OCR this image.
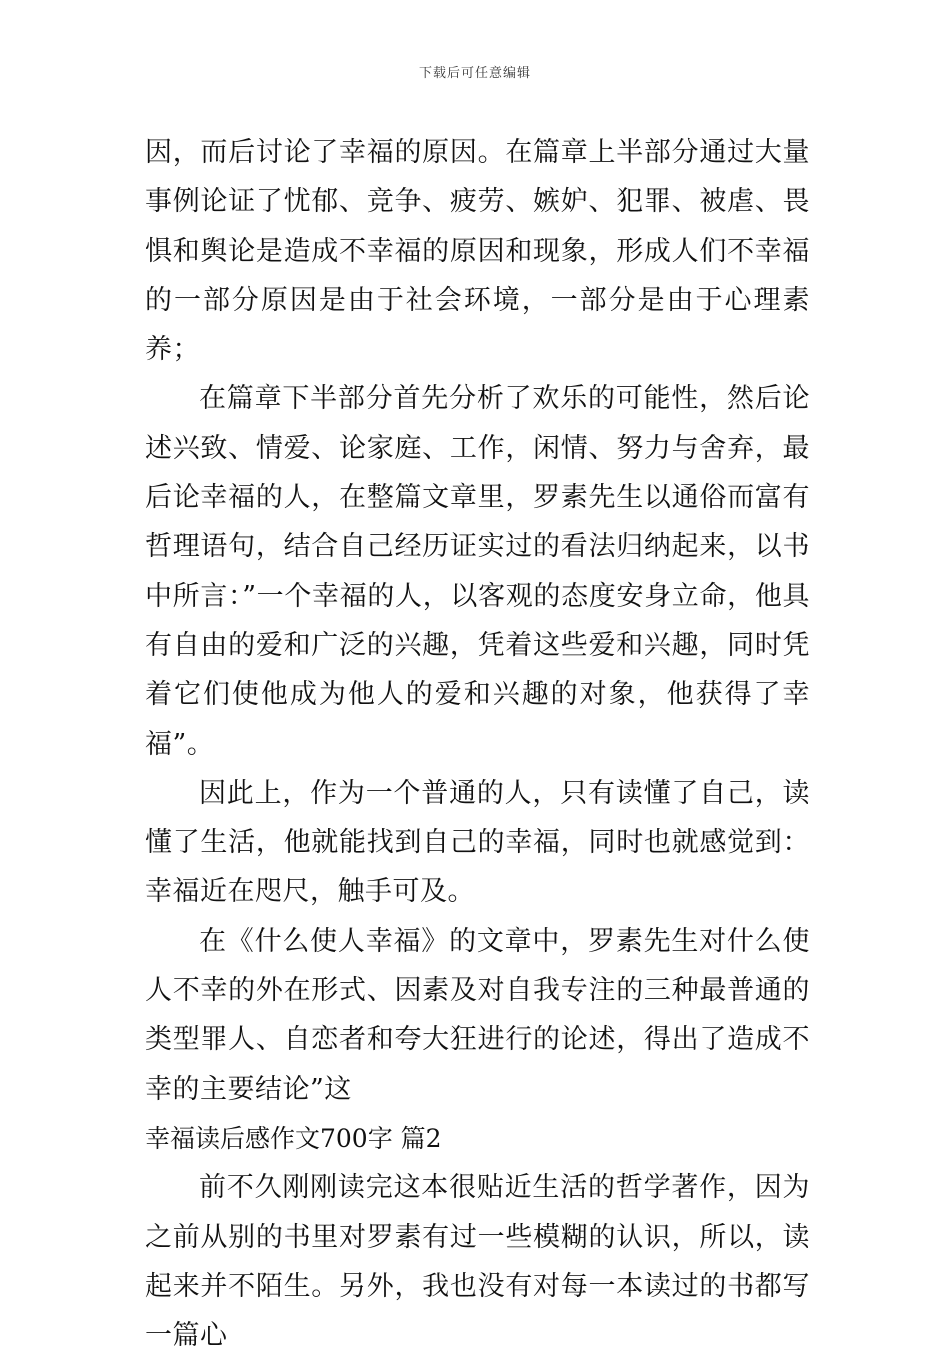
下载后可任意编辑

因，而后讨论了幸福的原因。在篇章上半部分通过大量事例论证了忧郁、竞争、疲劳、嫉妒、犯罪、被虐、畏惧和舆论是造成不幸福的原因和现象，形成人们不幸福的一部分原因是由于社会环境，一部分是由于心理素养；

在篇章下半部分首先分析了欢乐的可能性，然后论述兴致、情爱、论家庭、工作，闲情、努力与舍弃，最后论幸福的人，在整篇文章里，罗素先生以通俗而富有哲理语句，结合自己经历证实过的看法归纳起来，以书中所言：”一个幸福的人，以客观的态度安身立命，他具有自由的爱和广泛的兴趣，凭着这些爱和兴趣，同时凭着它们使他成为他人的爱和兴趣的对象，他获得了幸福”。

因此上，作为一个普通的人，只有读懂了自己，读懂了生活，他就能找到自己的幸福，同时也就感觉到：幸福近在咫尺，触手可及。

在《什么使人幸福》的文章中，罗素先生对什么使人不幸的外在形式、因素及对自我专注的三种最普通的类型罪人、自恋者和夸大狂进行的论述，得出了造成不幸的主要结论”这

幸福读后感作文700字 篇2

前不久刚刚读完这本很贴近生活的哲学著作，因为之前从别的书里对罗素有过一些模糊的认识，所以，读起来并不陌生。另外，我也没有对每一本读过的书都写一篇心
